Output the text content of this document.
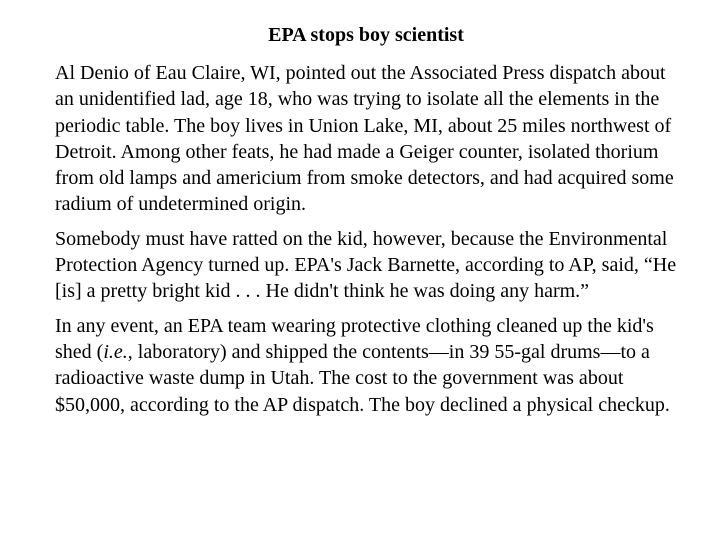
EPA stops boy scientist

Al Denio of Eau Claire, WI, pointed out the Associated Press dispatch about an unidentified lad, age 18, who was trying to isolate all the elements in the periodic table. The boy lives in Union Lake, MI, about 25 miles northwest of Detroit. Among other feats, he had made a Geiger counter, isolated thorium from old lamps and americium from smoke detectors, and had acquired some radium of undetermined origin.

Somebody must have ratted on the kid, however, because the Environmental Protection Agency turned up. EPA's Jack Barnette, according to AP, said, “He [is] a pretty bright kid . . . He didn't think he was doing any harm.”

In any event, an EPA team wearing protective clothing cleaned up the kid's shed (i.e., laboratory) and shipped the contents—in 39 55-gal drums—to a radioactive waste dump in Utah. The cost to the government was about $50,000, according to the AP dispatch. The boy declined a physical checkup.
